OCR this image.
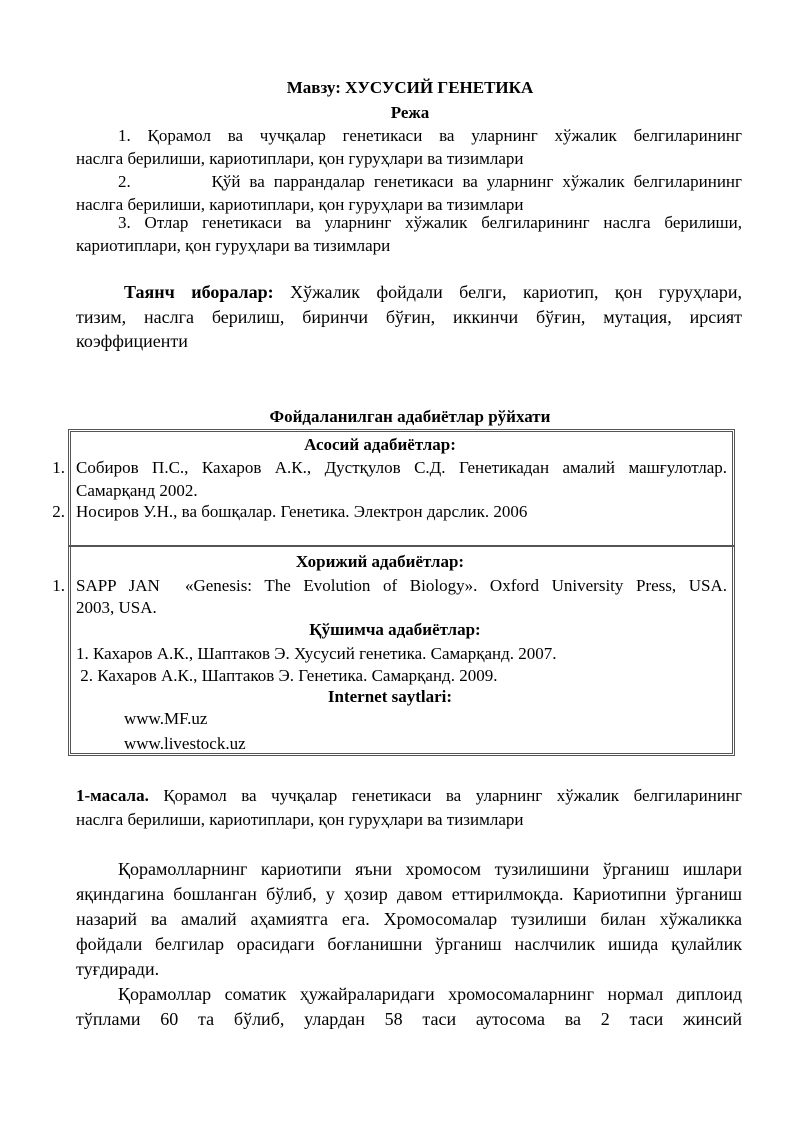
Мавзу: ХУСУСИЙ ГЕНЕТИКА
Режа
1. Қорамол ва чучқалар генетикаси ва уларнинг хўжалик белгиларининг
наслга берилиши, кариотиплари, қон гуруҳлари ва тизимлари
2.         Қўй ва паррандалар генетикаси ва уларнинг хўжалик белгиларининг
наслга берилиши, кариотиплари, қон гуруҳлари ва тизимлари
3. Отлар генетикаси ва уларнинг хўжалик белгиларининг наслга берилиши,
кариотиплари, қон гуруҳлари ва тизимлари
Таянч иборалар: Хўжалик фойдали белги, кариотип, қон гуруҳлари,
тизим, наслга берилиш, биринчи бўғин, иккинчи бўғин, мутация, ирсият
коэффициенти
Фойдаланилган адабиётлар рўйхати
Асосий адабиётлар:
1. Собиров П.С., Кахаров А.К., Дустқулов С.Д. Генетикадан амалий машғулотлар.
Самарқанд 2002.
2. Носиров У.Н., ва бошқалар. Генетика. Электрон дарслик. 2006
Хорижий адабиётлар:
1. SAPP JAN  «Genesis: The Evolution of Biology». Oxford University Press, USA.
2003, USA.
Қўшимча адабиётлар:
1. Кахаров А.К., Шаптаков Э. Хусусий генетика. Самарқанд. 2007.
2. Кахаров А.К., Шаптаков Э. Генетика. Самарқанд. 2009.
Internet saytlari:
www.MF.uz
www.livestock.uz
1-масала. Қорамол ва чучқалар генетикаси ва уларнинг хўжалик белгиларининг
наслга берилиши, кариотиплари, қон гуруҳлари ва тизимлари
Қорамолларнинг кариотипи яъни хромосом тузилишини ўрганиш ишлари
яқиндагина бошланган бўлиб, у ҳозир давом еттирилмоқда. Кариотипни ўрганиш
назарий ва амалий аҳамиятга ега. Хромосомалар тузилиши билан хўжаликка
фойдали белгилар орасидаги боғланишни ўрганиш наслчилик ишида қулайлик
туғдиради.
Қорамоллар соматик ҳужайраларидаги хромосомаларнинг нормал диплоид
тўплами 60 та бўлиб, улардан 58 таси аутосома ва 2 таси жинсий
